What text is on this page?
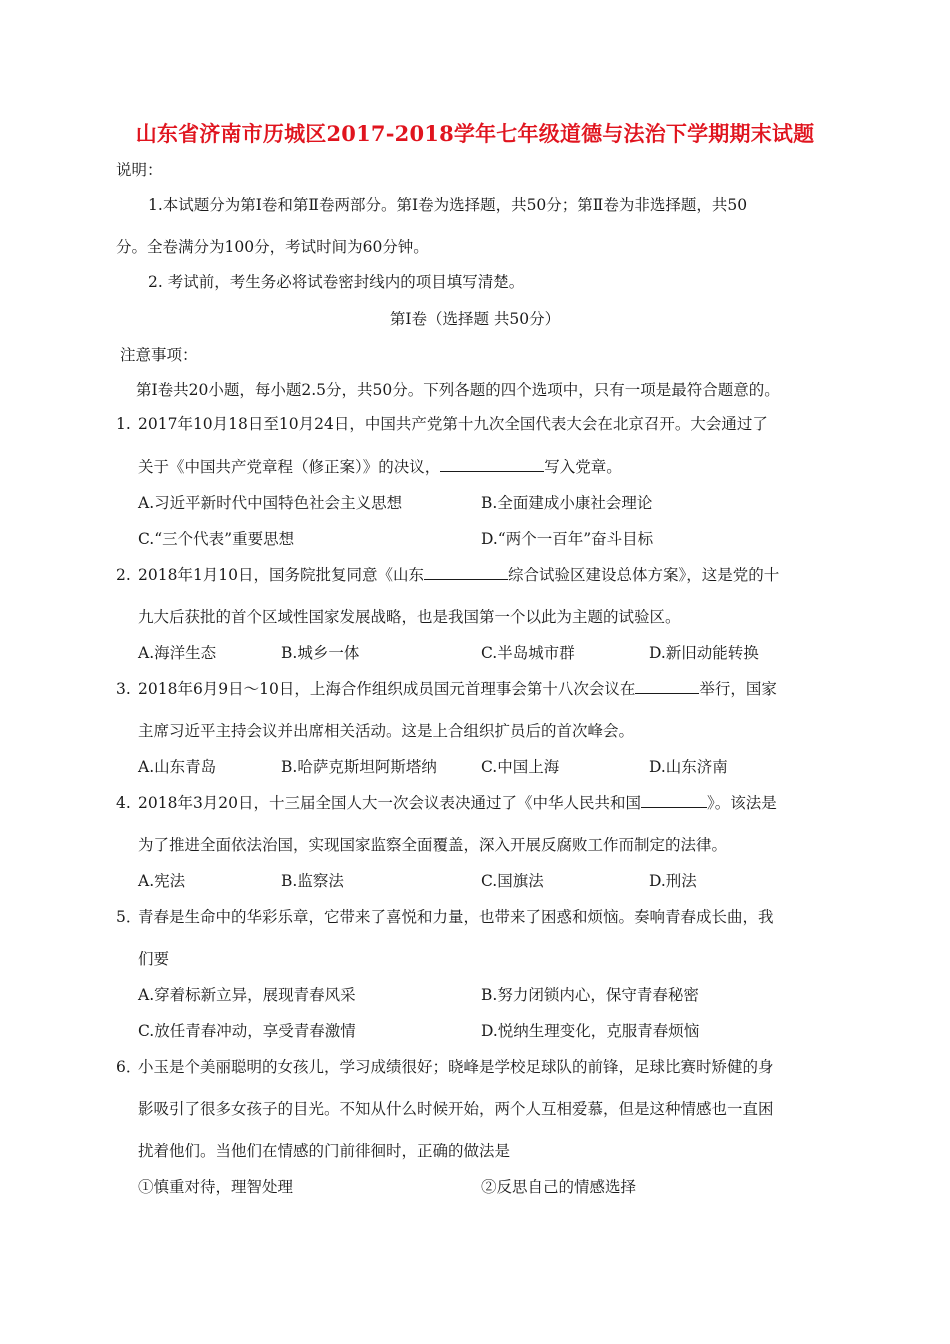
山东省济南市历城区2017-2018学年七年级道德与法治下学期期末试题
说明：
1.本试题分为第Ⅰ卷和第Ⅱ卷两部分。第Ⅰ卷为选择题，共50分；第Ⅱ卷为非选择题，共50
分。全卷满分为100分，考试时间为60分钟。
2. 考试前，考生务必将试卷密封线内的项目填写清楚。
第Ⅰ卷（选择题 共50分）
注意事项：
第Ⅰ卷共20小题，每小题2.5分，共50分。下列各题的四个选项中，只有一项是最符合题意的。
1. 2017年10月18日至10月24日，中国共产党第十九次全国代表大会在北京召开。大会通过了
关于《中国共产党章程（修正案）》的决议，	写入党章。
A.习近平新时代中国特色社会主义思想	B.全面建成小康社会理论
C.“三个代表”重要思想	D.“两个一百年”奋斗目标
2. 2018年1月10日，国务院批复同意《山东	综合试验区建设总体方案》，这是党的十
九大后获批的首个区域性国家发展战略，也是我国第一个以此为主题的试验区。
A.海洋生态	B.城乡一体	C.半岛城市群	D.新旧动能转换
3. 2018年6月9日～10日，上海合作组织成员国元首理事会第十八次会议在	举行，国家
主席习近平主持会议并出席相关活动。这是上合组织扩员后的首次峰会。
A.山东青岛	B.哈萨克斯坦阿斯塔纳	C.中国上海	D.山东济南
4. 2018年3月20日，十三届全国人大一次会议表决通过了《中华人民共和国	》。该法是
为了推进全面依法治国，实现国家监察全面覆盖，深入开展反腐败工作而制定的法律。
A.宪法	B.监察法	C.国旗法	D.刑法
5．
青春是生命中的华彩乐章，它带来了喜悦和力量，也带来了困惑和烦恼。奏响青春成长曲，我
们要
A.穿着标新立异，展现青春风采	B.努力闭锁内心，保守青春秘密
C.放任青春冲动，享受青春激情	D.悦纳生理变化，克服青春烦恼
6．
小玉是个美丽聪明的女孩儿，学习成绩很好；晓峰是学校足球队的前锋，足球比赛时矫健的身
影吸引了很多女孩子的目光。不知从什么时候开始，两个人互相爱慕，但是这种情感也一直困
扰着他们。当他们在情感的门前徘徊时，正确的做法是
①慎重对待，理智处理	②反思自己的情感选择
